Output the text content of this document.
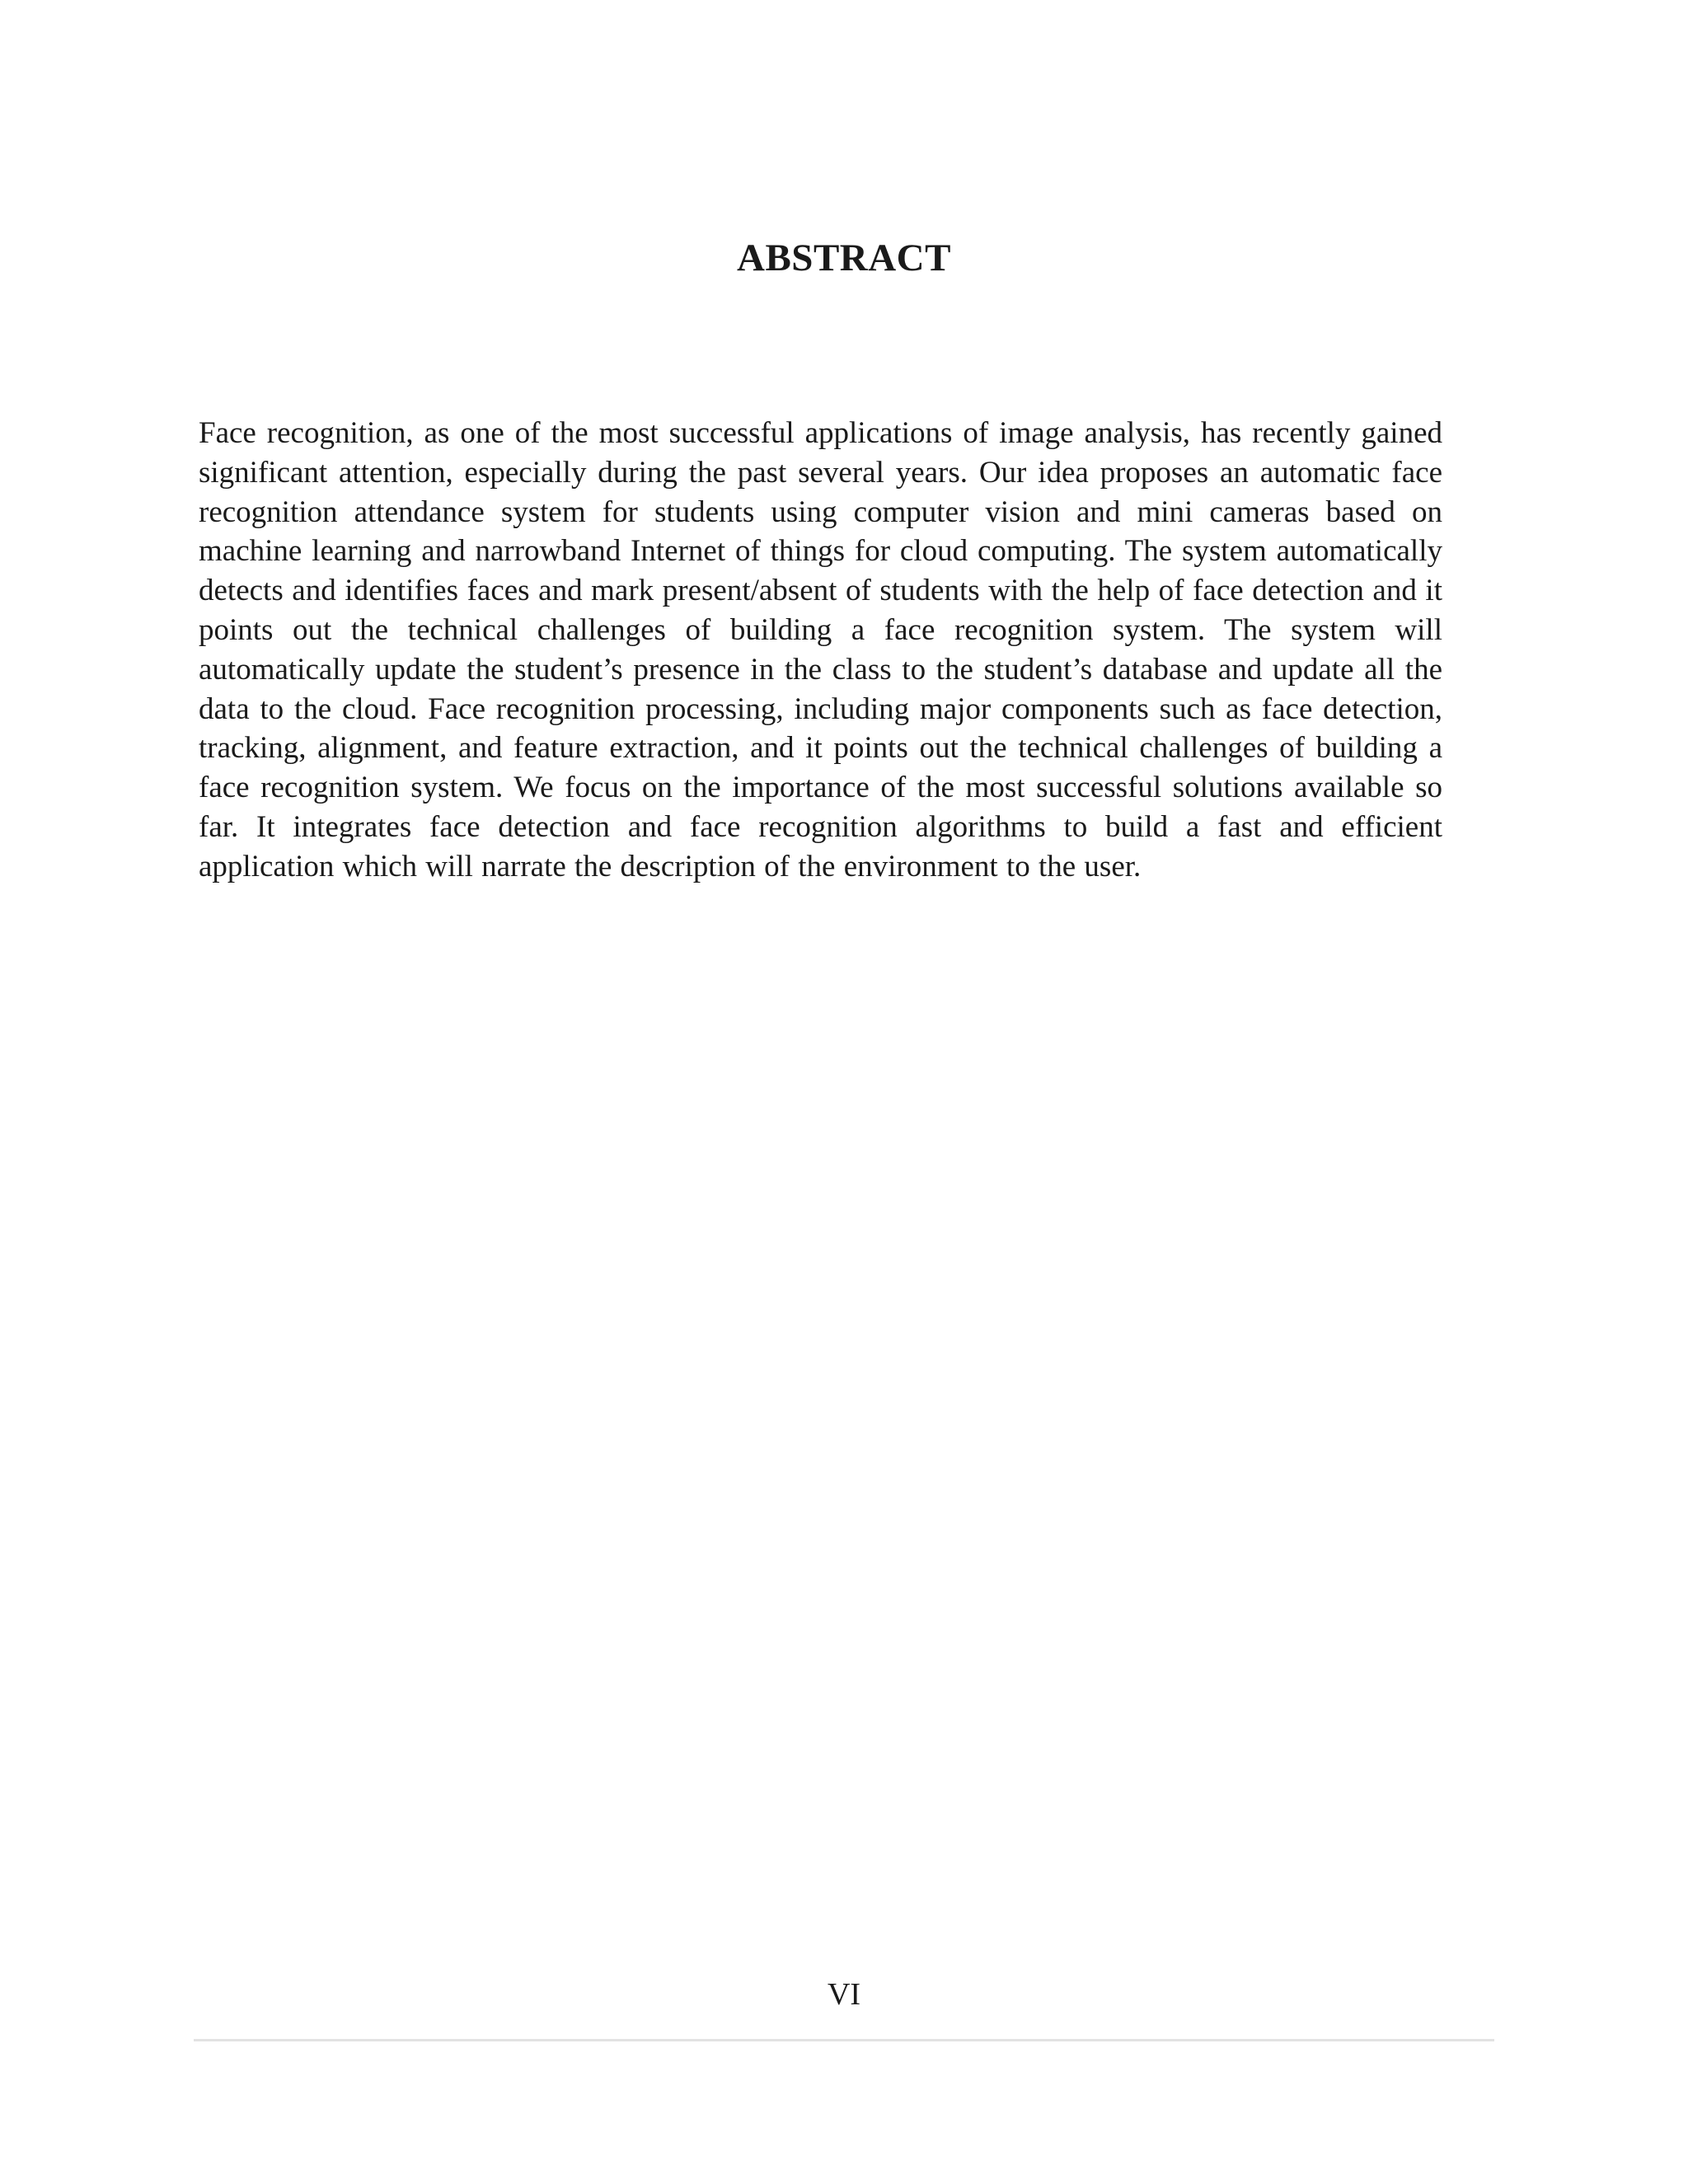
ABSTRACT

Face recognition, as one of the most successful applications of image analysis, has recently gained significant attention, especially during the past several years. Our idea proposes an automatic face recognition attendance system for students using computer vision and mini cameras based on machine learning and narrowband Internet of things for cloud computing. The system automatically detects and identifies faces and mark present/absent of students with the help of face detection and it points out the technical challenges of building a face recognition system. The system will automatically update the student’s presence in the class to the student’s database and update all the data to the cloud. Face recognition processing, including major components such as face detection, tracking, alignment, and feature extraction, and it points out the technical challenges of building a face recognition system. We focus on the importance of the most successful solutions available so far. It integrates face detection and face recognition algorithms to build a fast and efficient application which will narrate the description of the environment to the user.

VI
